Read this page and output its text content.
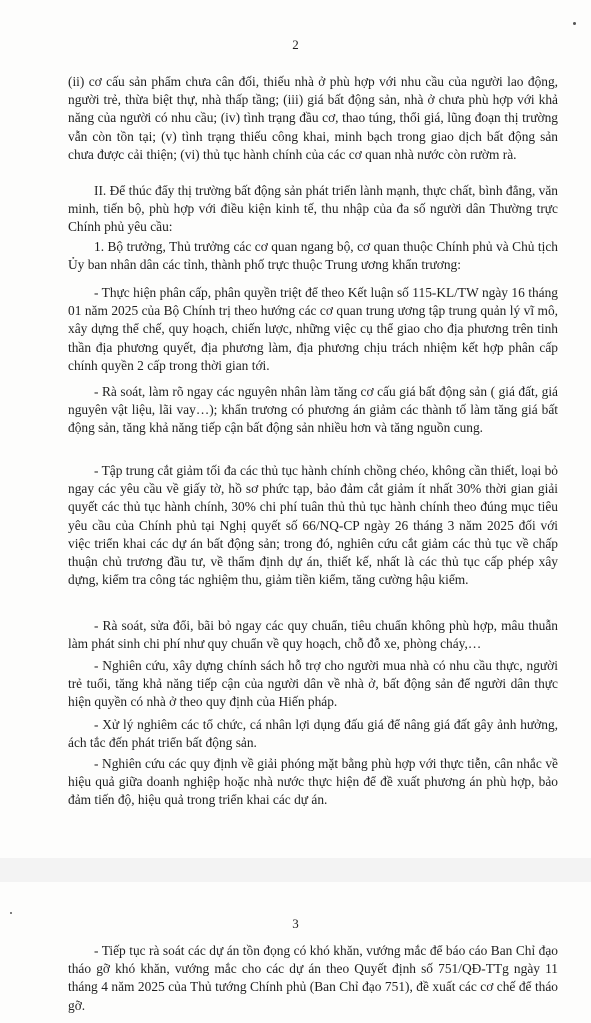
2

(ii) cơ cấu sản phẩm chưa cân đối, thiếu nhà ở phù hợp với nhu cầu của người lao động, người trẻ, thừa biệt thự, nhà thấp tầng; (iii) giá bất động sản, nhà ở chưa phù hợp với khả năng của người có nhu cầu; (iv) tình trạng đầu cơ, thao túng, thổi giá, lũng đoạn thị trường vẫn còn tồn tại; (v) tình trạng thiếu công khai, minh bạch trong giao dịch bất động sản chưa được cải thiện; (vi) thủ tục hành chính của các cơ quan nhà nước còn rườm rà.

II. Để thúc đẩy thị trường bất động sản phát triển lành mạnh, thực chất, bình đẳng, văn minh, tiến bộ, phù hợp với điều kiện kinh tế, thu nhập của đa số người dân Thường trực Chính phủ yêu cầu:

1. Bộ trưởng, Thủ trưởng các cơ quan ngang bộ, cơ quan thuộc Chính phủ và Chủ tịch Ủy ban nhân dân các tỉnh, thành phố trực thuộc Trung ương khẩn trương:

- Thực hiện phân cấp, phân quyền triệt để theo Kết luận số 115-KL/TW ngày 16 tháng 01 năm 2025 của Bộ Chính trị theo hướng các cơ quan trung ương tập trung quản lý vĩ mô, xây dựng thể chế, quy hoạch, chiến lược, những việc cụ thể giao cho địa phương trên tinh thần địa phương quyết, địa phương làm, địa phương chịu trách nhiệm kết hợp phân cấp chính quyền 2 cấp trong thời gian tới.

- Rà soát, làm rõ ngay các nguyên nhân làm tăng cơ cấu giá bất động sản ( giá đất, giá nguyên vật liệu, lãi vay…); khẩn trương có phương án giảm các thành tố làm tăng giá bất động sản, tăng khả năng tiếp cận bất động sản nhiều hơn và tăng nguồn cung.

- Tập trung cắt giảm tối đa các thủ tục hành chính chồng chéo, không cần thiết, loại bỏ ngay các yêu cầu về giấy tờ, hồ sơ phức tạp, bảo đảm cắt giảm ít nhất 30% thời gian giải quyết các thủ tục hành chính, 30% chi phí tuân thủ thủ tục hành chính theo đúng mục tiêu yêu cầu của Chính phủ tại Nghị quyết số 66/NQ-CP ngày 26 tháng 3 năm 2025 đối với việc triển khai các dự án bất động sản; trong đó, nghiên cứu cắt giảm các thủ tục về chấp thuận chủ trương đầu tư, về thẩm định dự án, thiết kế, nhất là các thủ tục cấp phép xây dựng, kiểm tra công tác nghiệm thu, giảm tiền kiểm, tăng cường hậu kiểm.

- Rà soát, sửa đổi, bãi bỏ ngay các quy chuẩn, tiêu chuẩn không phù hợp, mâu thuẫn làm phát sinh chi phí như quy chuẩn về quy hoạch, chỗ đỗ xe, phòng cháy,…

- Nghiên cứu, xây dựng chính sách hỗ trợ cho người mua nhà có nhu cầu thực, người trẻ tuổi, tăng khả năng tiếp cận của người dân về nhà ở, bất động sản để người dân thực hiện quyền có nhà ở theo quy định của Hiến pháp.

- Xử lý nghiêm các tổ chức, cá nhân lợi dụng đấu giá để nâng giá đất gây ảnh hưởng, ách tắc đến phát triển bất động sản.

- Nghiên cứu các quy định về giải phóng mặt bằng phù hợp với thực tiễn, cân nhắc về hiệu quả giữa doanh nghiệp hoặc nhà nước thực hiện để đề xuất phương án phù hợp, bảo đảm tiến độ, hiệu quả trong triển khai các dự án.

3

- Tiếp tục rà soát các dự án tồn đọng có khó khăn, vướng mắc để báo cáo Ban Chỉ đạo tháo gỡ khó khăn, vướng mắc cho các dự án theo Quyết định số 751/QĐ-TTg ngày 11 tháng 4 năm 2025 của Thủ tướng Chính phủ (Ban Chỉ đạo 751), đề xuất các cơ chế để tháo gỡ.
